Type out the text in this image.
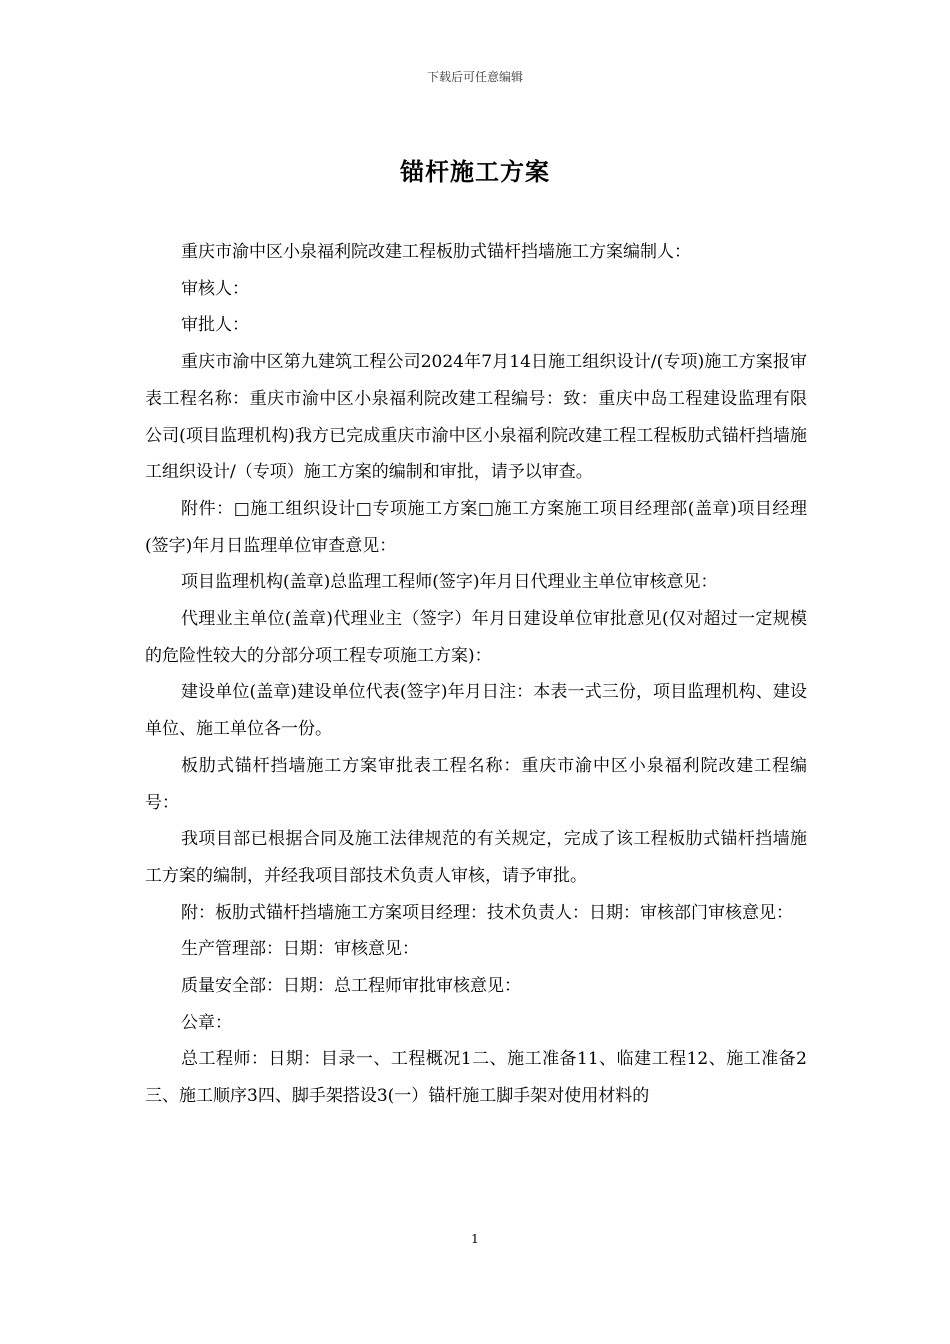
下载后可任意编辑
锚杆施工方案

重庆市渝中区小泉福利院改建工程板肋式锚杆挡墙施工方案编制人：

审核人：

审批人：

重庆市渝中区第九建筑工程公司2024年7月14日施工组织设计/(专项)施工方案报审表工程名称：重庆市渝中区小泉福利院改建工程编号：致：重庆中岛工程建设监理有限公司(项目监理机构)我方已完成重庆市渝中区小泉福利院改建工程工程板肋式锚杆挡墙施工组织设计/（专项）施工方案的编制和审批，请予以审查。

附件：□施工组织设计□专项施工方案□施工方案施工项目经理部(盖章)项目经理(签字)年月日监理单位审查意见：

项目监理机构(盖章)总监理工程师(签字)年月日代理业主单位审核意见：

代理业主单位(盖章)代理业主（签字）年月日建设单位审批意见(仅对超过一定规模的危险性较大的分部分项工程专项施工方案)：

建设单位(盖章)建设单位代表(签字)年月日注：本表一式三份，项目监理机构、建设单位、施工单位各一份。

板肋式锚杆挡墙施工方案审批表工程名称：重庆市渝中区小泉福利院改建工程编号：

我项目部已根据合同及施工法律规范的有关规定，完成了该工程板肋式锚杆挡墙施工方案的编制，并经我项目部技术负责人审核，请予审批。

附：板肋式锚杆挡墙施工方案项目经理：技术负责人：日期：审核部门审核意见：

生产管理部：日期：审核意见：

质量安全部：日期：总工程师审批审核意见：

公章：

总工程师：日期：目录一、工程概况1二、施工准备11、临建工程12、施工准备2三、施工顺序3四、脚手架搭设3(一）锚杆施工脚手架对使用材料的

1
